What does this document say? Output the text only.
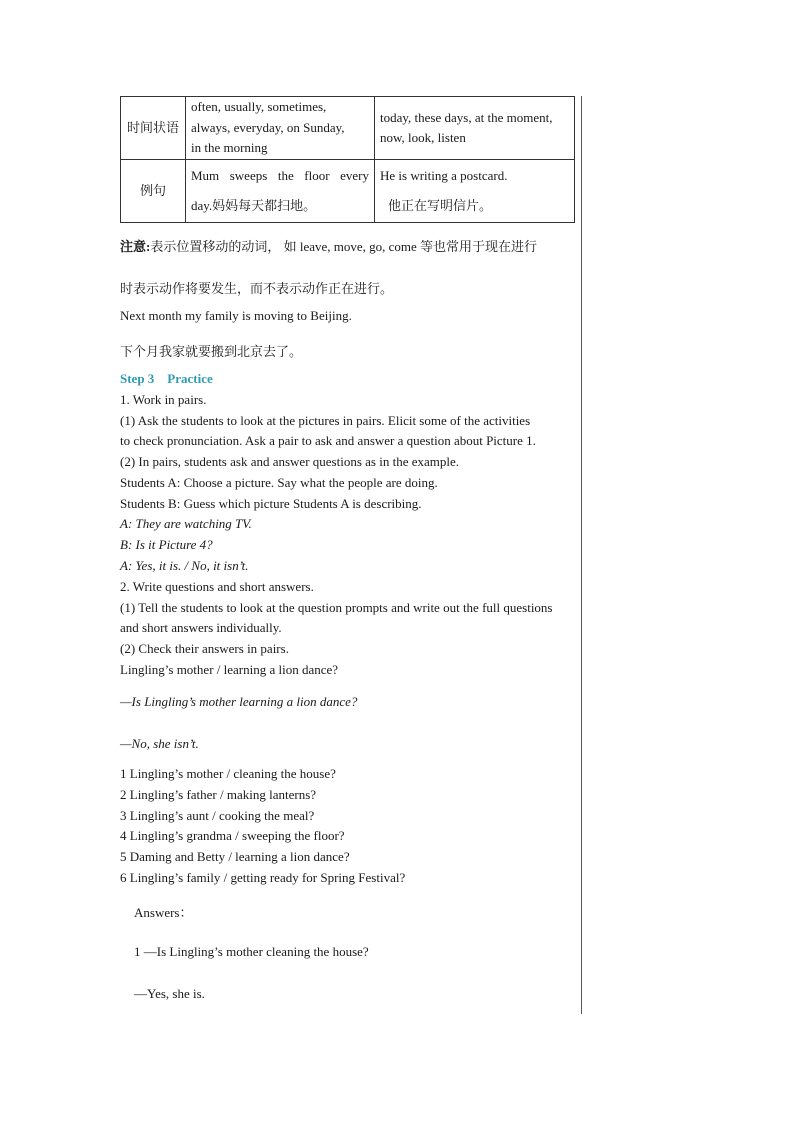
时间状语	often, usually, sometimes,
always, everyday, on Sunday,
in the morning	today, these days, at the moment,
now, look, listen

例句	Mum sweeps the floor every
day.妈妈每天都扫地。	He is writing a postcard.
他正在写明信片。
注意:表示位置移动的动词， 如 leave, move, go, come 等也常用于现在进行
时表示动作将要发生，而不表示动作正在进行。
Next month my family is moving to Beijing.
下个月我家就要搬到北京去了。
Step 3    Practice
1. Work in pairs.
(1) Ask the students to look at the pictures in pairs. Elicit some of the activities
to check pronunciation. Ask a pair to ask and answer a question about Picture 1.
(2) In pairs, students ask and answer questions as in the example.
Students A: Choose a picture. Say what the people are doing.
Students B: Guess which picture Students A is describing.
A: They are watching TV.
B: Is it Picture 4?
A: Yes, it is. / No, it isn’t.
2. Write questions and short answers.
(1) Tell the students to look at the question prompts and write out the full questions
and short answers individually.
(2) Check their answers in pairs.
Lingling’s mother / learning a lion dance?
—Is Lingling’s mother learning a lion dance?
—No, she isn’t.
1 Lingling’s mother / cleaning the house?
2 Lingling’s father / making lanterns?
3 Lingling’s aunt / cooking the meal?
4 Lingling’s grandma / sweeping the floor?
5 Daming and Betty / learning a lion dance?
6 Lingling’s family / getting ready for Spring Festival?
Answers：
1 —Is Lingling’s mother cleaning the house?
—Yes, she is.
